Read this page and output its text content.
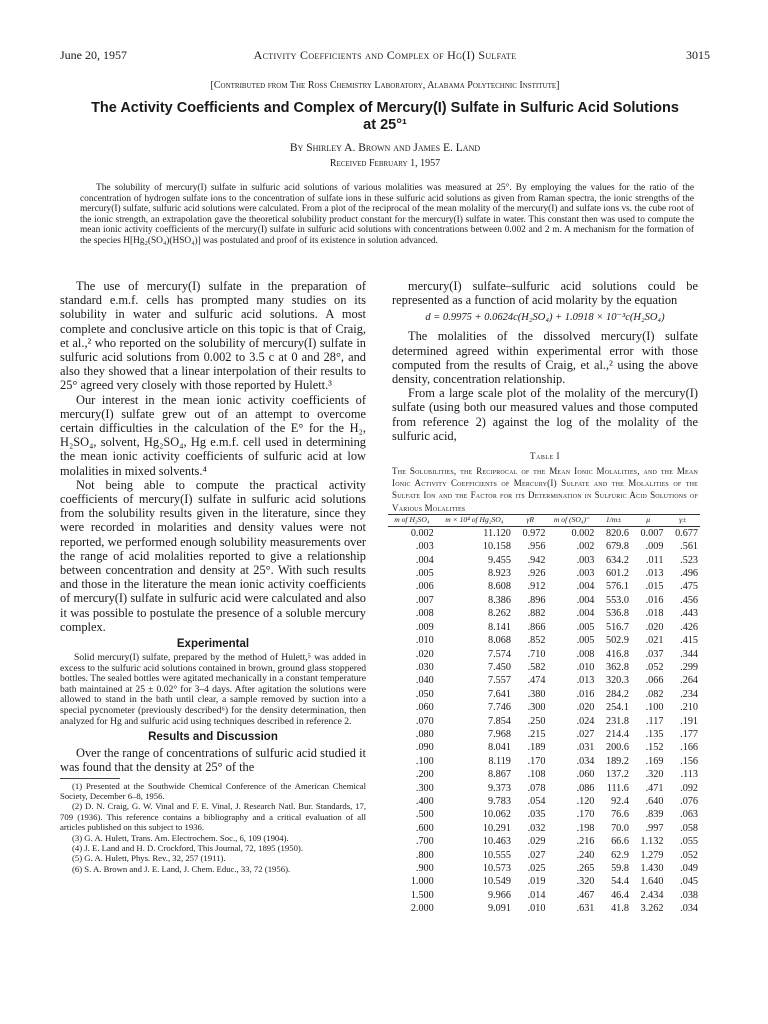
June 20, 1957	Activity Coefficients and Complex of Hg(I) Sulfate	3015
[Contributed from The Ross Chemistry Laboratory, Alabama Polytechnic Institute]
The Activity Coefficients and Complex of Mercury(I) Sulfate in Sulfuric Acid Solutions
at 25°¹
By Shirley A. Brown and James E. Land
Received February 1, 1957

The solubility of mercury(I) sulfate in sulfuric acid solutions of various molalities was measured at 25°. By employing the values for the ratio of the concentration of hydrogen sulfate ions to the concentration of sulfate ions in these sulfuric acid solutions as given from Raman spectra, the ionic strengths of the mercury(I) sulfate, sulfuric acid solutions were calculated. From a plot of the reciprocal of the mean molality of the mercury(I) and sulfate ions vs. the cube root of the ionic strength, an extrapolation gave the theoretical solubility product constant for the mercury(I) sulfate in water. This constant then was used to compute the mean ionic activity coefficients of the mercury(I) sulfate in sulfuric acid solutions with concentrations between 0.002 and 2 m. A mechanism for the formation of the species H[Hg₂(SO₄)(HSO₄)] was postulated and proof of its existence in solution advanced.

The use of mercury(I) sulfate in the preparation of standard e.m.f. cells has prompted many studies on its solubility in water and sulfuric acid solutions. A most complete and conclusive article on this topic is that of Craig, et al.,² who reported on the solubility of mercury(I) sulfate in sulfuric acid solutions from 0.002 to 3.5 c at 0 and 28°, and also they showed that a linear interpolation of their results to 25° agreed very closely with those reported by Hulett.³

Our interest in the mean ionic activity coefficients of mercury(I) sulfate grew out of an attempt to overcome certain difficulties in the calculation of the E° for the H₂, H₂SO₄, solvent, Hg₂SO₄, Hg e.m.f. cell used in determining the mean ionic activity coefficients of sulfuric acid at low molalities in mixed solvents.⁴

Not being able to compute the practical activity coefficients of mercury(I) sulfate in sulfuric acid solutions from the solubility results given in the literature, since they were recorded in molarities and density values were not reported, we performed enough solubility measurements over the range of acid molalities reported to give a relationship between concentration and density at 25°. With such results and those in the literature the mean ionic activity coefficients of mercury(I) sulfate in sulfuric acid were calculated and also it was possible to postulate the presence of a soluble mercury complex.

Experimental

Solid mercury(I) sulfate, prepared by the method of Hulett,⁵ was added in excess to the sulfuric acid solutions contained in brown, ground glass stoppered bottles. The sealed bottles were agitated mechanically in a constant temperature bath maintained at 25 ± 0.02° for 3–4 days. After agitation the solutions were allowed to stand in the bath until clear, a sample removed by suction into a special pycnometer (previously described⁶) for the density determination, then analyzed for Hg and sulfuric acid using techniques described in reference 2.

Results and Discussion

Over the range of concentrations of sulfuric acid studied it was found that the density at 25° of the

(1) Presented at the Southwide Chemical Conference of the American Chemical Society, December 6–8, 1956.

(2) D. N. Craig, G. W. Vinal and F. E. Vinal, J. Research Natl. Bur. Standards, 17, 709 (1936). This reference contains a bibliography and a critical evaluation of all articles published on this subject to 1936.

(3) G. A. Hulett, Trans. Am. Electrochem. Soc., 6, 109 (1904).

(4) J. E. Land and H. D. Crockford, This Journal, 72, 1895 (1950).

(5) G. A. Hulett, Phys. Rev., 32, 257 (1911).

(6) S. A. Brown and J. E. Land, J. Chem. Educ., 33, 72 (1956).

mercury(I) sulfate–sulfuric acid solutions could be represented as a function of acid molarity by the equation

d = 0.9975 + 0.0624c(H₂SO₄) + 1.0918 × 10⁻³c(H₂SO₄)

The molalities of the dissolved mercury(I) sulfate determined agreed within experimental error with those computed from the results of Craig, et al.,² using the above density, concentration relationship.

From a large scale plot of the molality of the mercury(I) sulfate (using both our measured values and those computed from reference 2) against the log of the molality of the sulfuric acid,

Table I

The Solubilities, the Reciprocal of the Mean Ionic Molalities, and the Mean Ionic Activity Coefficients of Mercury(I) Sulfate and the Molalities of the Sulfate Ion and the Factor for its Determination in Sulfuric Acid Solutions of Various Molalities

m of H₂SO₄	m × 10⁴ of Hg₂SO₄	γR	m of (SO₄)⁼	1/m±	μ	γ±
0.002	11.120	0.972	0.002	820.6	0.007	0.677
.003	10.158	.956	.002	679.8	.009	.561
.004	9.455	.942	.003	634.2	.011	.523
.005	8.923	.926	.003	601.2	.013	.496
.006	8.608	.912	.004	576.1	.015	.475
.007	8.386	.896	.004	553.0	.016	.456
.008	8.262	.882	.004	536.8	.018	.443
.009	8.141	.866	.005	516.7	.020	.426
.010	8.068	.852	.005	502.9	.021	.415
.020	7.574	.710	.008	416.8	.037	.344
.030	7.450	.582	.010	362.8	.052	.299
.040	7.557	.474	.013	320.3	.066	.264
.050	7.641	.380	.016	284.2	.082	.234
.060	7.746	.300	.020	254.1	.100	.210
.070	7.854	.250	.024	231.8	.117	.191
.080	7.968	.215	.027	214.4	.135	.177
.090	8.041	.189	.031	200.6	.152	.166
.100	8.119	.170	.034	189.2	.169	.156
.200	8.867	.108	.060	137.2	.320	.113
.300	9.373	.078	.086	111.6	.471	.092
.400	9.783	.054	.120	92.4	.640	.076
.500	10.062	.035	.170	76.6	.839	.063
.600	10.291	.032	.198	70.0	.997	.058
.700	10.463	.029	.216	66.6	1.132	.055
.800	10.555	.027	.240	62.9	1.279	.052
.900	10.573	.025	.265	59.8	1.430	.049
1.000	10.549	.019	.320	54.4	1.640	.045
1.500	9.966	.014	.467	46.4	2.434	.038
2.000	9.091	.010	.631	41.8	3.262	.034
